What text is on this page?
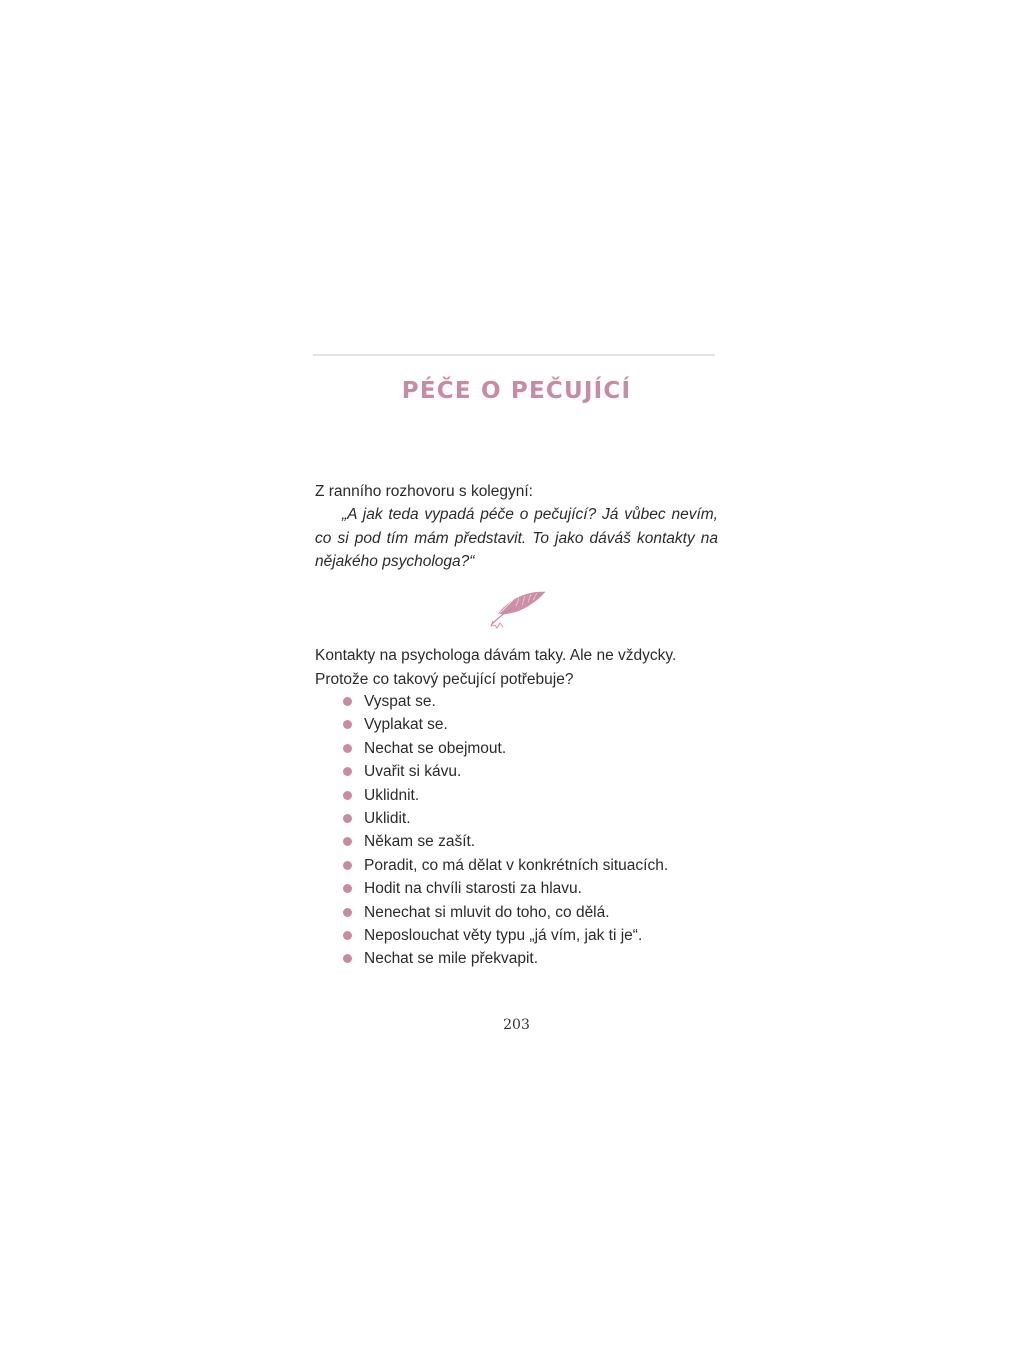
PÉČE O PEČUJÍCÍ
Z ranního rozhovoru s kolegyní:
„A jak teda vypadá péče o pečující? Já vůbec nevím, co si pod tím mám představit. To jako dáváš kontakty na nějakého psychologa?“
Kontakty na psychologa dávám taky. Ale ne vždycky. Protože co takový pečující potřebuje?
Vyspat se.
Vyplakat se.
Nechat se obejmout.
Uvařit si kávu.
Uklidnit.
Uklidit.
Někam se zašít.
Poradit, co má dělat v konkrétních situacích.
Hodit na chvíli starosti za hlavu.
Nenechat si mluvit do toho, co dělá.
Neposlouchat věty typu „já vím, jak ti je“.
Nechat se mile překvapit.
203
